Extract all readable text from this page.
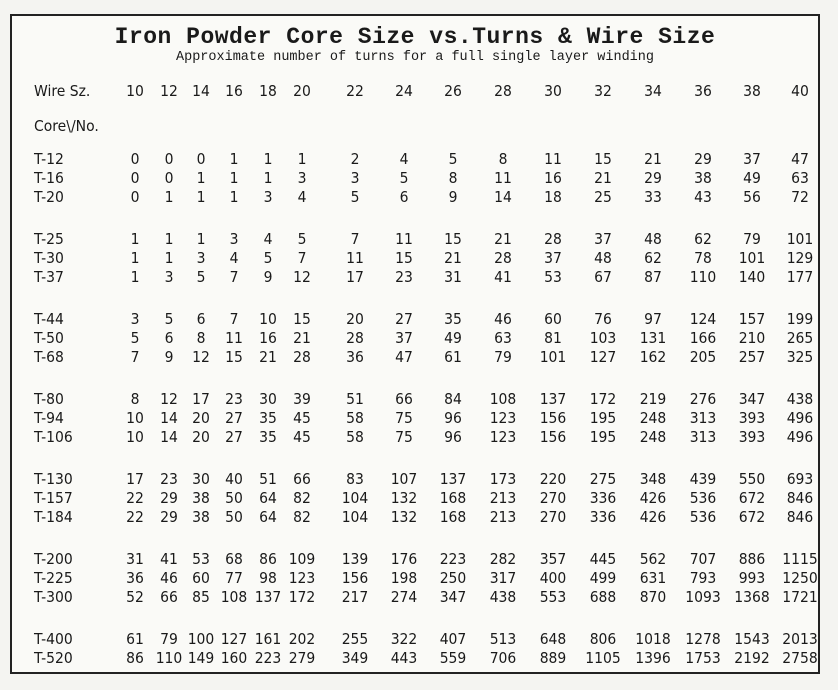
Iron Powder Core Size vs.Turns & Wire Size
Approximate number of turns for a full single layer winding
Wire Sz. 10 12 14 16 18 20 22 24 26 28 30 32 34 36 38 40
Core\/No.
T-12	0 0 0 1 1 1	2	4	5	8 11 15 21 29 37 47
T-16	0 0 1 1 1 3	3	5	8 11 16 21 29 38 49 63
T-20	0 1 1 1 3 4	5	6	9 14 18 25 33 43 56 72
T-25	1 1 1 3 4 5	7 11 15 21 28 37 48 62 79 101
T-30	1 1 3 4 5 7	11 15 21 28 37 48 62 78 101 129
T-37	1 3 5 7 9 12 17 23 31 41 53 67 87 110 140 177
T-44	3 5 6 7 10 15 20 27 35 46 60 76 97 124 157 199
T-50	5 6 8 11 16 21 28 37 49 63 81 103 131 166 210 265
T-68	7 9 12 15 21 28 36 47 61 79 101 127 162 205 257 325
T-80	8 12 17 23 30 39 51 66 84 108 137 172 219 276 347 438
T-94	10 14 20 27 35 45 58 75 96 123 156 195 248 313 393 496
T-106	10 14 20 27 35 45 58 75 96 123 156 195 248 313 393 496
T-130	17 23 30 40 51 66 83 107 137 173 220 275 348 439 550 693
T-157	22 29 38 50 64 82 104 132 168 213 270 336 426 536 672 846
T-184	22 29 38 50 64 82 104 132 168 213 270 336 426 536 672 846
T-200	31 41 53 68 86 109 139 176 223 282 357 445 562 707 886 1115
T-225	36 46 60 77 98 123 156 198 250 317 400 499 631 793 993 1250
T-300	52 66 85 108 137 172 217 274 347 438 553 688 870 1093 1368 1721
T-400	61 79 100 127 161 202 255 322 407 513 648 806 1018 1278 1543 2013
T-520	86 110 149 160 223 279 349 443 559 706 889 1105 1396 1753 2192 2758
